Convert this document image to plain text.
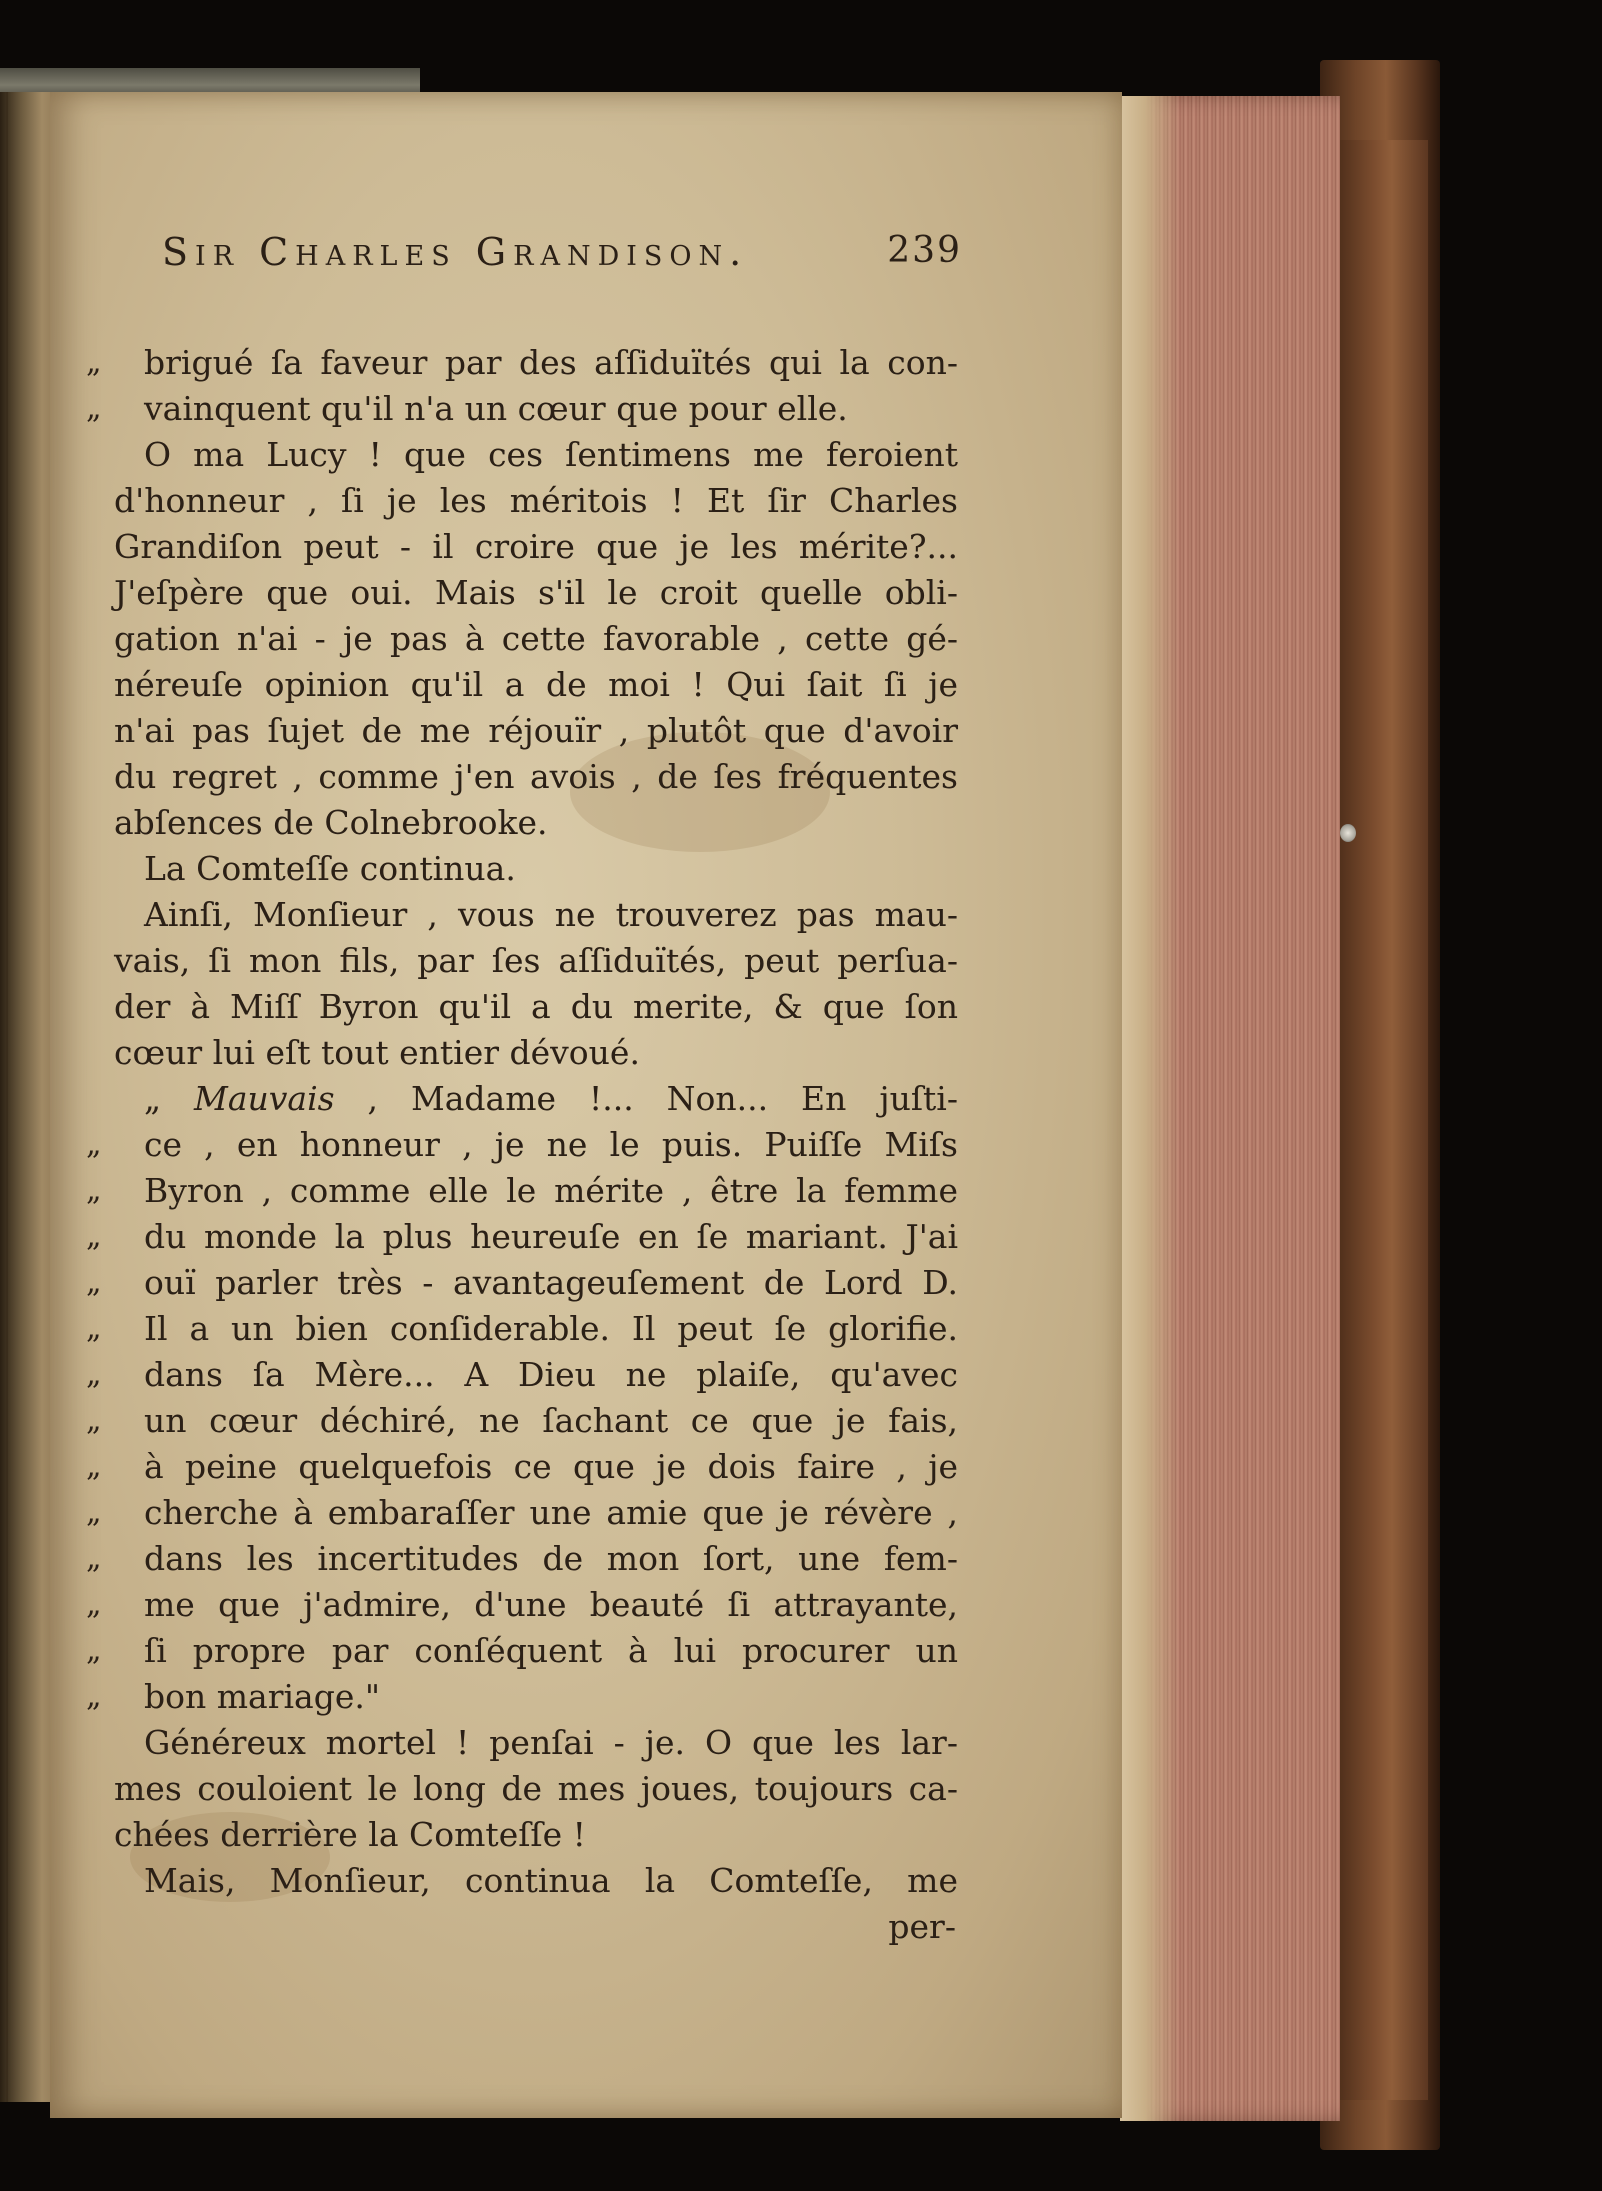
Sir Charles Grandison.	239
„	brigué ſa faveur par des aſſiduïtés qui la con-
„	vainquent qu'il n'a un cœur que pour elle.
O ma Lucy ! que ces ſentimens me feroient
d'honneur , ſi je les méritois ! Et ſir Charles
Grandiſon peut - il croire que je les mérite?...
J'eſpère que oui. Mais s'il le croit quelle obli-
gation n'ai - je pas à cette favorable , cette gé-
néreuſe opinion qu'il a de moi ! Qui ſait ſi je
n'ai pas ſujet de me réjouïr , plutôt que d'avoir
du regret , comme j'en avois , de ſes fréquentes
abſences de Colnebrooke.
La Comteſſe continua.
Ainſi, Monſieur , vous ne trouverez pas mau-
vais, ſi mon fils, par ſes aſſiduïtés, peut perſua-
der à Miſſ Byron qu'il a du merite, & que ſon
cœur lui eſt tout entier dévoué.
„ Mauvais , Madame !... Non... En juſti-
„	ce , en honneur , je ne le puis. Puiſſe Miſs
„	Byron , comme elle le mérite , être la femme
„	du monde la plus heureuſe en ſe mariant. J'ai
„	ouï parler très - avantageuſement de Lord D.
„	Il a un bien conſiderable. Il peut ſe glorifie.
„	dans ſa Mère... A Dieu ne plaiſe, qu'avec
„	un cœur déchiré, ne ſachant ce que je fais,
„	à peine quelquefois ce que je dois faire , je
„	cherche à embaraſſer une amie que je révère ,
„	dans les incertitudes de mon ſort, une fem-
„	me que j'admire, d'une beauté ſi attrayante,
„	ſi propre par conſéquent à lui procurer un
„	bon mariage."
Généreux mortel ! penſai - je. O que les lar-
mes couloient le long de mes joues, toujours ca-
chées derrière la Comteſſe !
Mais, Monſieur, continua la Comteſſe, me
per-
